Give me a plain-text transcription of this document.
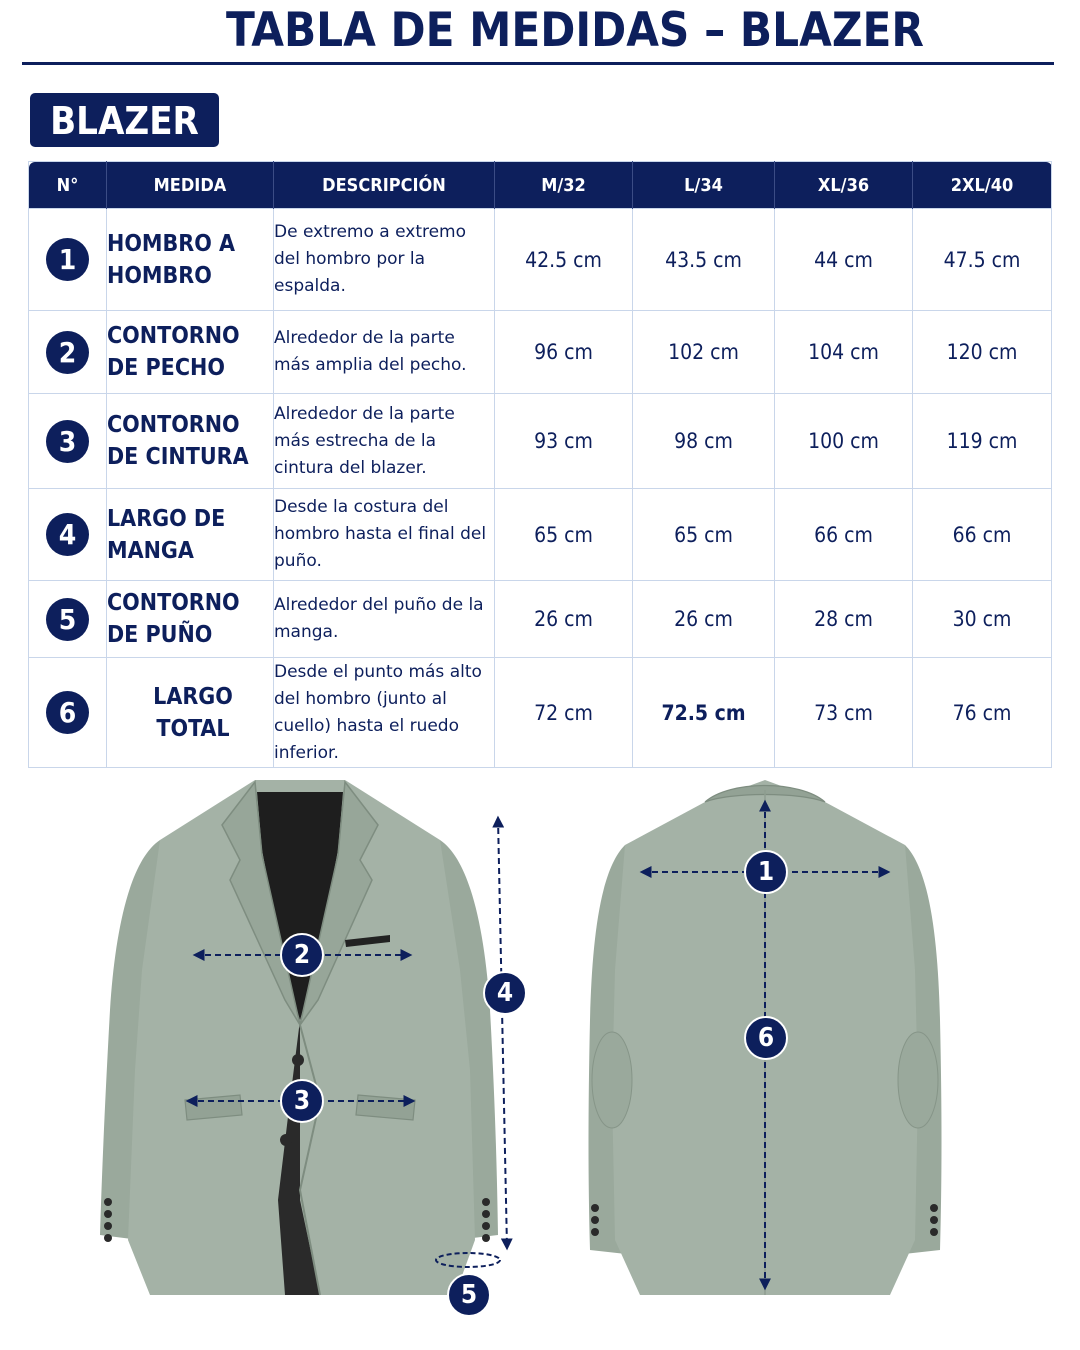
TABLA DE MEDIDAS – BLAZER
BLAZER
N°	MEDIDA	DESCRIPCIÓN	M/32	L/34	XL/36	2XL/40
1	HOMBRO A HOMBRO	De extremo a extremo del hombro por la espalda.	42.5 cm	43.5 cm	44 cm	47.5 cm
2	CONTORNO DE PECHO	Alrededor de la parte más amplia del pecho.	96 cm	102 cm	104 cm	120 cm
3	CONTORNO DE CINTURA	Alrededor de la parte más estrecha de la cintura del blazer.	93 cm	98 cm	100 cm	119 cm
4	LARGO DE MANGA	Desde la costura del hombro hasta el final del puño.	65 cm	65 cm	66 cm	66 cm
5	CONTORNO DE PUÑO	Alrededor del puño de la manga.	26 cm	26 cm	28 cm	30 cm
6	LARGO TOTAL	Desde el punto más alto del hombro (junto al cuello) hasta el ruedo inferior.	72 cm	72.5 cm	73 cm	76 cm
2
3
4
5
1
6
